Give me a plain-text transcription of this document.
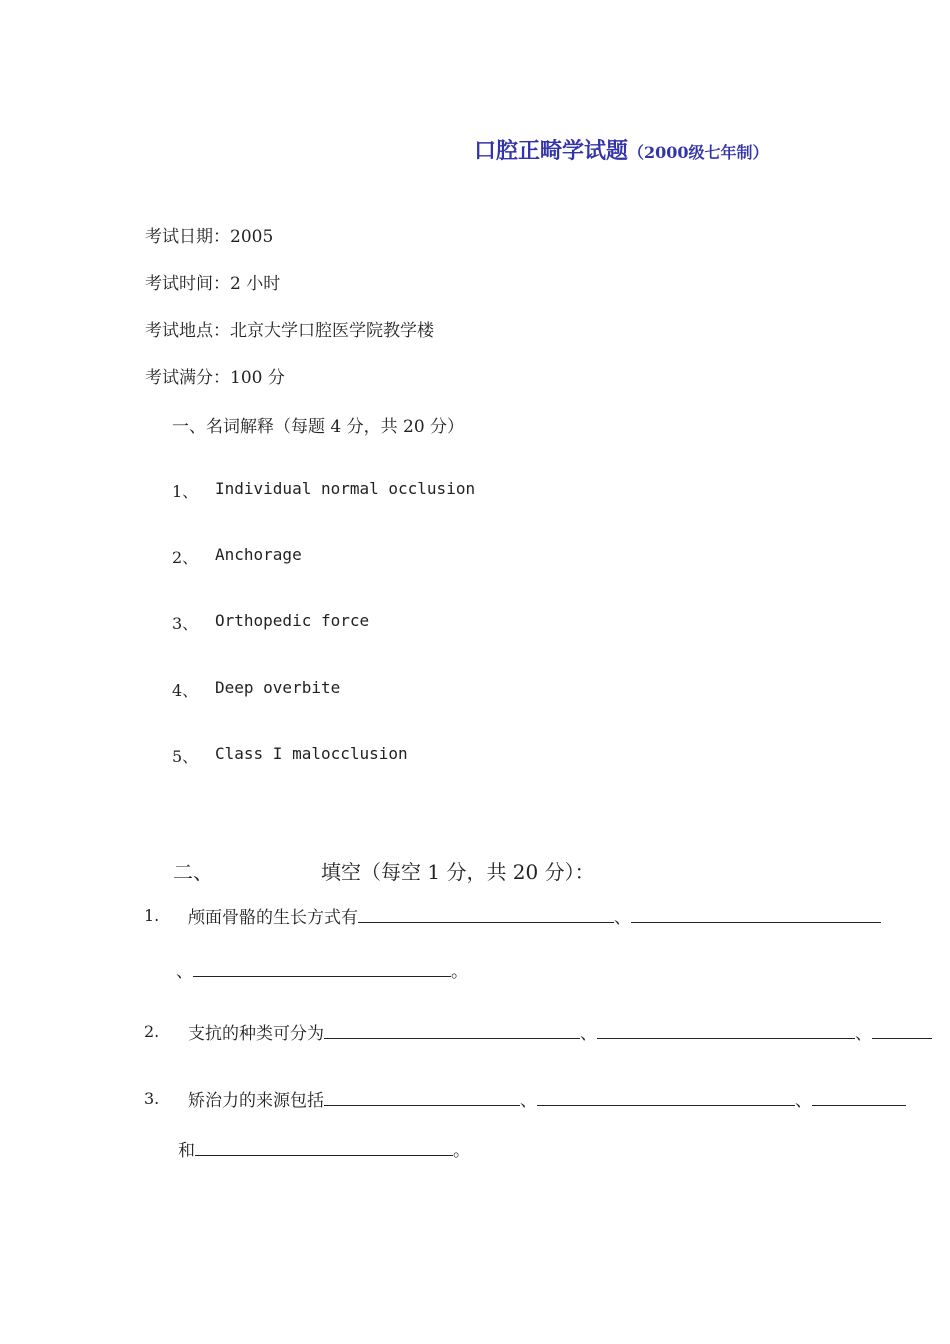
口腔正畸学试题（2000级七年制）
考试日期：2005
考试时间：2 小时
考试地点：北京大学口腔医学院教学楼
考试满分：100 分
一、名词解释（每题 4 分，共 20 分）
1、 Individual normal occlusion
2、 Anchorage
3、 Orthopedic force
4、 Deep overbite
5、 Class I malocclusion
二、	填空（每空 1 分，共 20 分）：
1. 颅面骨骼的生长方式有	、
、	。
2. 支抗的种类可分为	、	、
3. 矫治力的来源包括	、	、
和	。
